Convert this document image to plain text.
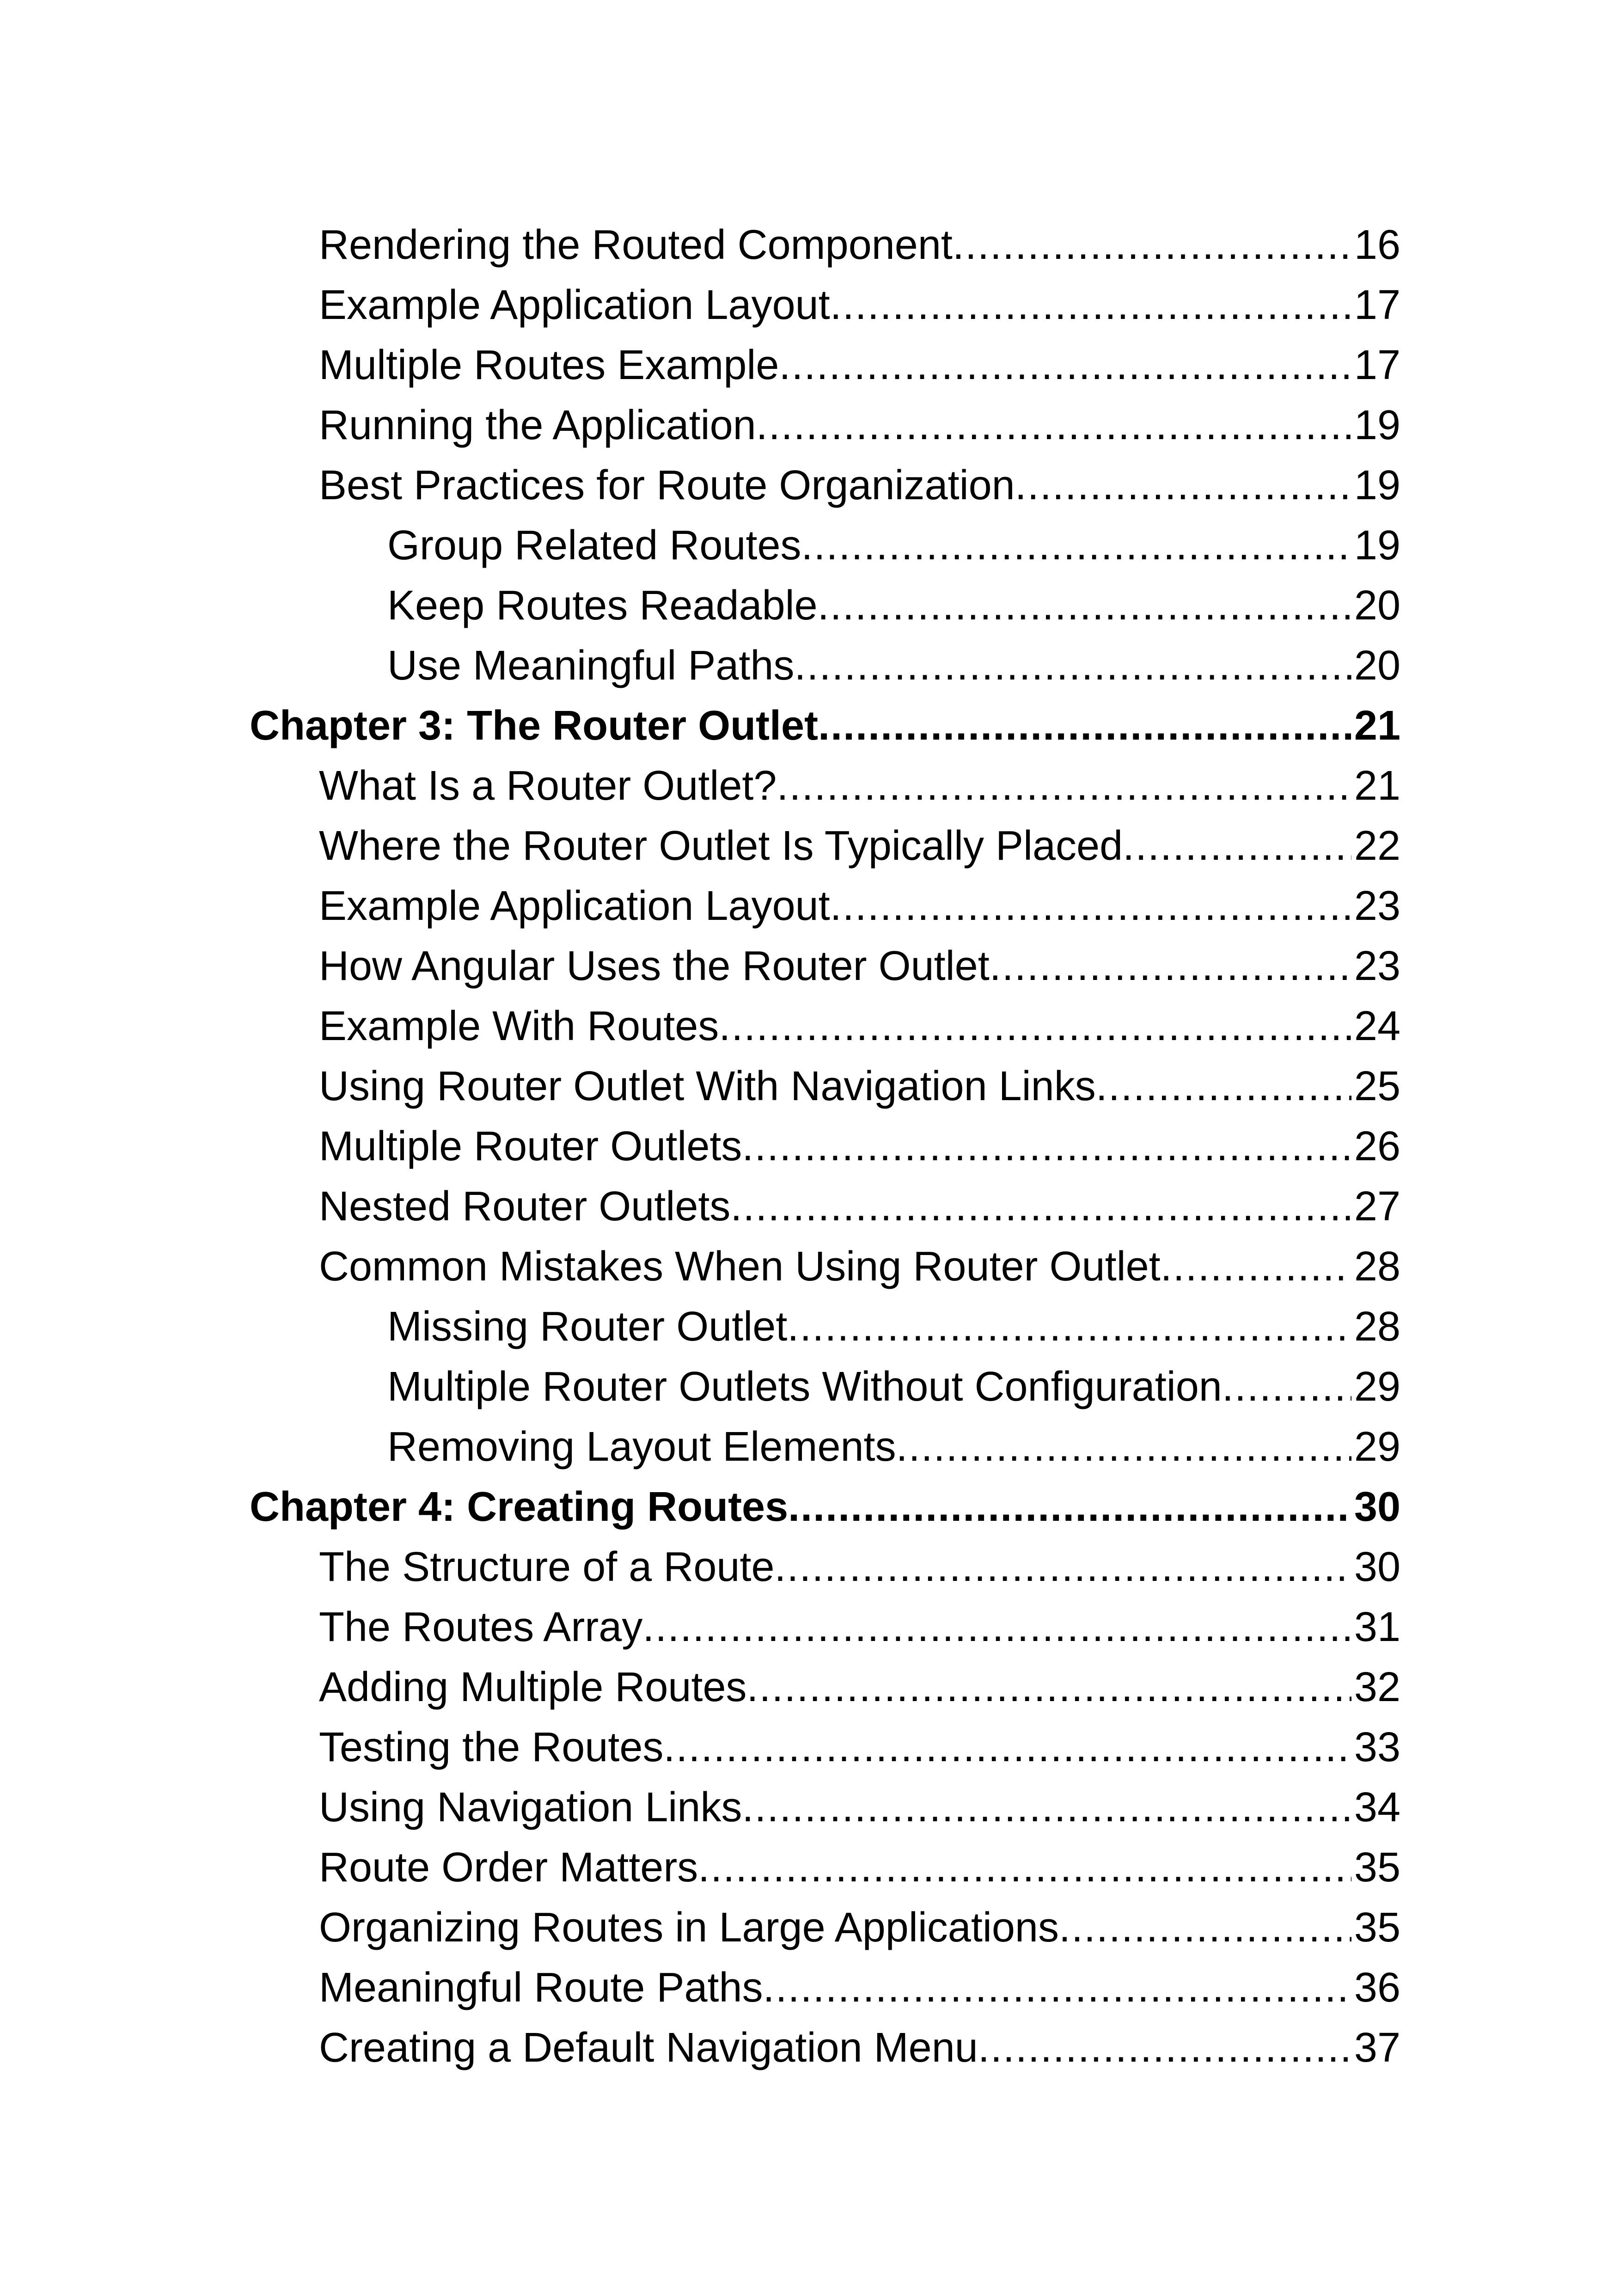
Rendering the Routed Component .....	16
Example Application Layout .....	17
Multiple Routes Example .....	17
Running the Application .....	19
Best Practices for Route Organization .....	19
Group Related Routes .....	19
Keep Routes Readable .....	20
Use Meaningful Paths .....	20
Chapter 3: The Router Outlet .....	21
What Is a Router Outlet? .....	21
Where the Router Outlet Is Typically Placed .....	22
Example Application Layout .....	23
How Angular Uses the Router Outlet .....	23
Example With Routes .....	24
Using Router Outlet With Navigation Links .....	25
Multiple Router Outlets .....	26
Nested Router Outlets .....	27
Common Mistakes When Using Router Outlet .....	28
Missing Router Outlet .....	28
Multiple Router Outlets Without Configuration .....	29
Removing Layout Elements .....	29
Chapter 4: Creating Routes .....	30
The Structure of a Route .....	30
The Routes Array .....	31
Adding Multiple Routes .....	32
Testing the Routes .....	33
Using Navigation Links .....	34
Route Order Matters .....	35
Organizing Routes in Large Applications .....	35
Meaningful Route Paths .....	36
Creating a Default Navigation Menu .....	37
